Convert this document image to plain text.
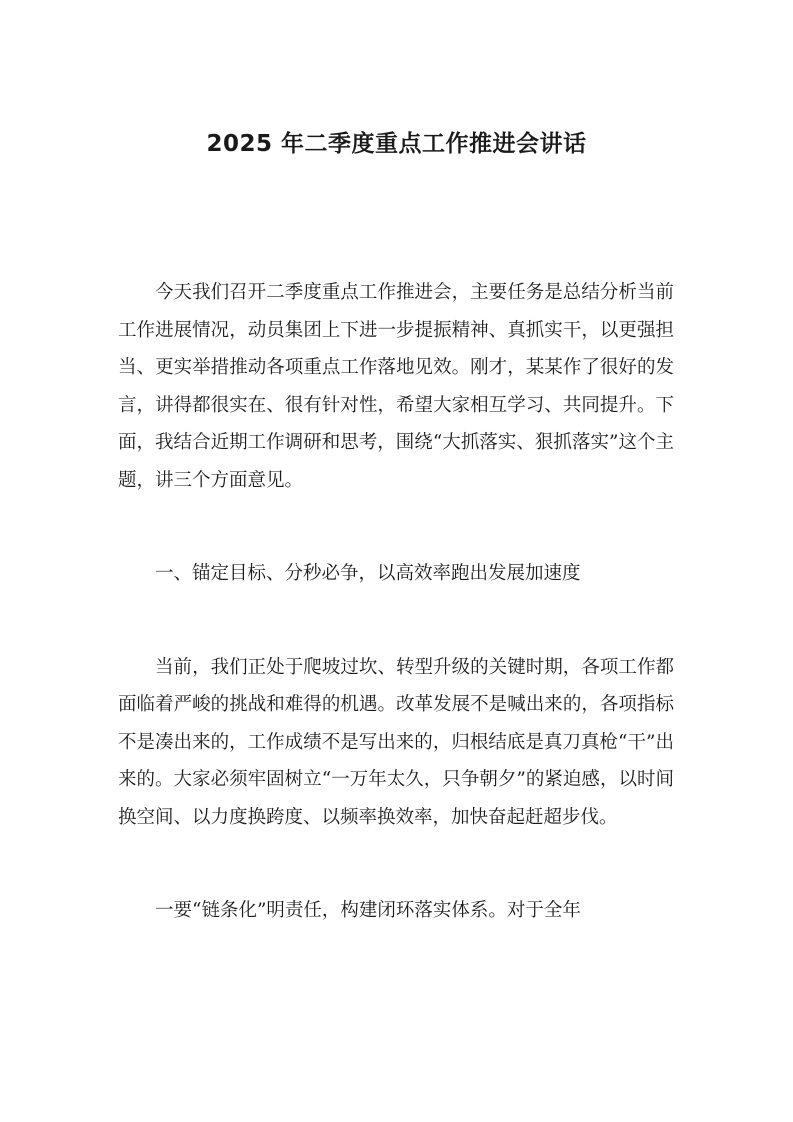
2025 年二季度重点工作推进会讲话

今天我们召开二季度重点工作推进会，主要任务是总结分析当前工作进展情况，动员集团上下进一步提振精神、真抓实干，以更强担当、更实举措推动各项重点工作落地见效。刚才，某某作了很好的发言，讲得都很实在、很有针对性，希望大家相互学习、共同提升。下面，我结合近期工作调研和思考，围绕“大抓落实、狠抓落实”这个主题，讲三个方面意见。

一、锚定目标、分秒必争，以高效率跑出发展加速度

当前，我们正处于爬坡过坎、转型升级的关键时期，各项工作都面临着严峻的挑战和难得的机遇。改革发展不是喊出来的，各项指标不是凑出来的，工作成绩不是写出来的，归根结底是真刀真枪“干”出来的。大家必须牢固树立“一万年太久，只争朝夕”的紧迫感，以时间换空间、以力度换跨度、以频率换效率，加快奋起赶超步伐。

一要“链条化”明责任，构建闭环落实体系。对于全年
